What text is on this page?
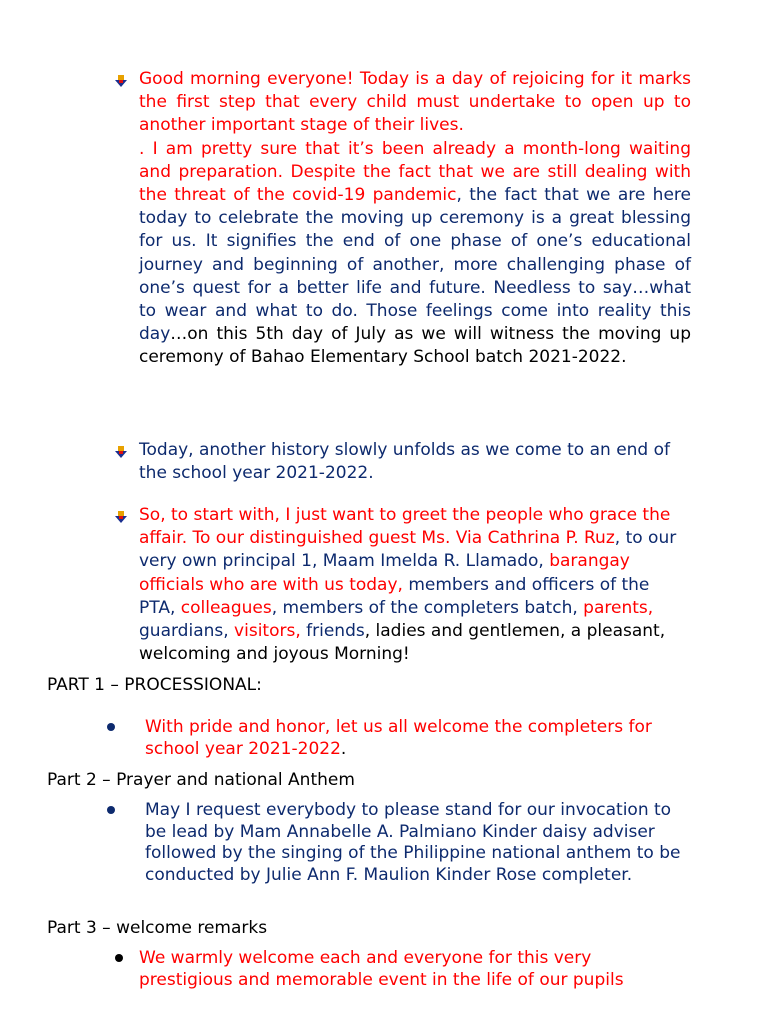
Good morning everyone! Today is a day of rejoicing for it marks the first step that every child must undertake to open up to another important stage of their lives.
. I am pretty sure that it’s been already a month-long waiting and preparation. Despite the fact that we are still dealing with the threat of the covid-19 pandemic, the fact that we are here today to celebrate the moving up ceremony is a great blessing for us. It signifies the end of one phase of one’s educational journey and beginning of another, more challenging phase of one’s quest for a better life and future. Needless to say…what to wear and what to do. Those feelings come into reality this day…on this 5th day of July as we will witness the moving up ceremony of Bahao Elementary School batch 2021-2022.
Today, another history slowly unfolds as we come to an end of the school year 2021-2022.
So, to start with, I just want to greet the people who grace the affair. To our distinguished guest Ms. Via Cathrina P. Ruz, to our very own principal 1, Maam Imelda R. Llamado, barangay officials who are with us today, members and officers of the PTA, colleagues, members of the completers batch, parents, guardians, visitors, friends, ladies and gentlemen, a pleasant, welcoming and joyous Morning!
PART 1 – PROCESSIONAL:
With pride and honor, let us all welcome the completers for school year 2021-2022.
Part 2 – Prayer and national Anthem
May I request everybody to please stand for our invocation to be lead by Mam Annabelle A. Palmiano Kinder daisy adviser followed by the singing of the Philippine national anthem to be conducted by Julie Ann F. Maulion Kinder Rose completer.
Part 3 – welcome remarks
We warmly welcome each and everyone for this very prestigious and memorable event in the life of our pupils
